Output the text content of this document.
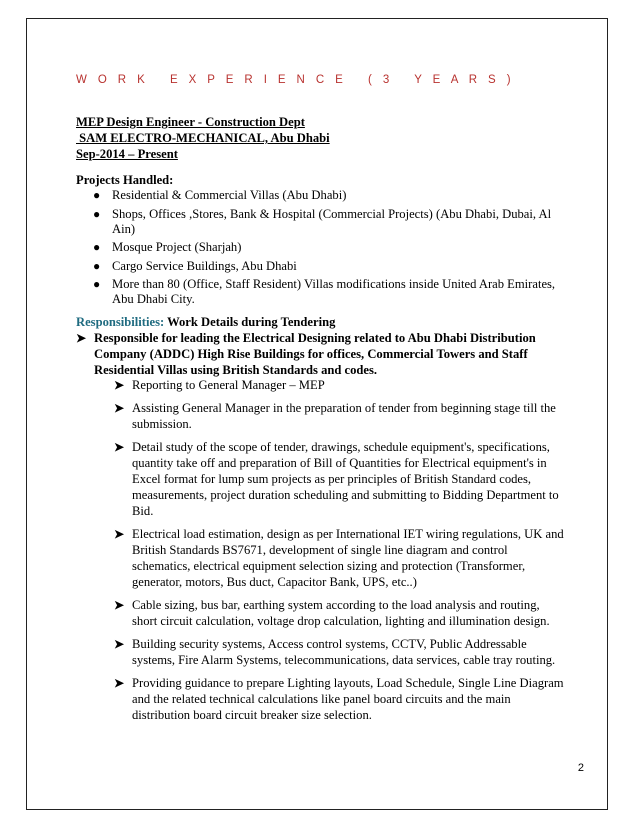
W O R K   E X P E R I E N C E   ( 3   Y E A R S )
MEP Design Engineer - Construction Dept
SAM ELECTRO-MECHANICAL, Abu Dhabi
Sep-2014 – Present
Projects Handled:
● Residential & Commercial Villas (Abu Dhabi)
● Shops, Offices ,Stores, Bank & Hospital (Commercial Projects) (Abu Dhabi, Dubai, Al Ain)
● Mosque Project (Sharjah)
● Cargo Service Buildings, Abu Dhabi
● More than 80 (Office, Staff Resident) Villas modifications inside United Arab Emirates, Abu Dhabi City.
Responsibilities: Work Details during Tendering
➤ Responsible for leading the Electrical Designing related to Abu Dhabi Distribution Company (ADDC) High Rise Buildings for offices, Commercial Towers and Staff Residential Villas using British Standards and codes.
➤ Reporting to General Manager – MEP
➤ Assisting General Manager in the preparation of tender from beginning stage till the submission.
➤ Detail study of the scope of tender, drawings, schedule equipment's, specifications, quantity take off and preparation of Bill of Quantities for Electrical equipment's in Excel format for lump sum projects as per principles of British Standard codes, measurements, project duration scheduling and submitting to Bidding Department to Bid.
➤ Electrical load estimation, design as per International IET wiring regulations, UK and British Standards BS7671, development of single line diagram and control schematics, electrical equipment selection sizing and protection (Transformer, generator, motors, Bus duct, Capacitor Bank, UPS, etc..)
➤ Cable sizing, bus bar, earthing system according to the load analysis and routing, short circuit calculation, voltage drop calculation, lighting and illumination design.
➤ Building security systems, Access control systems, CCTV, Public Addressable systems, Fire Alarm Systems, telecommunications, data services, cable tray routing.
➤ Providing guidance to prepare Lighting layouts, Load Schedule, Single Line Diagram and the related technical calculations like panel board circuits and the main distribution board circuit breaker size selection.
2
